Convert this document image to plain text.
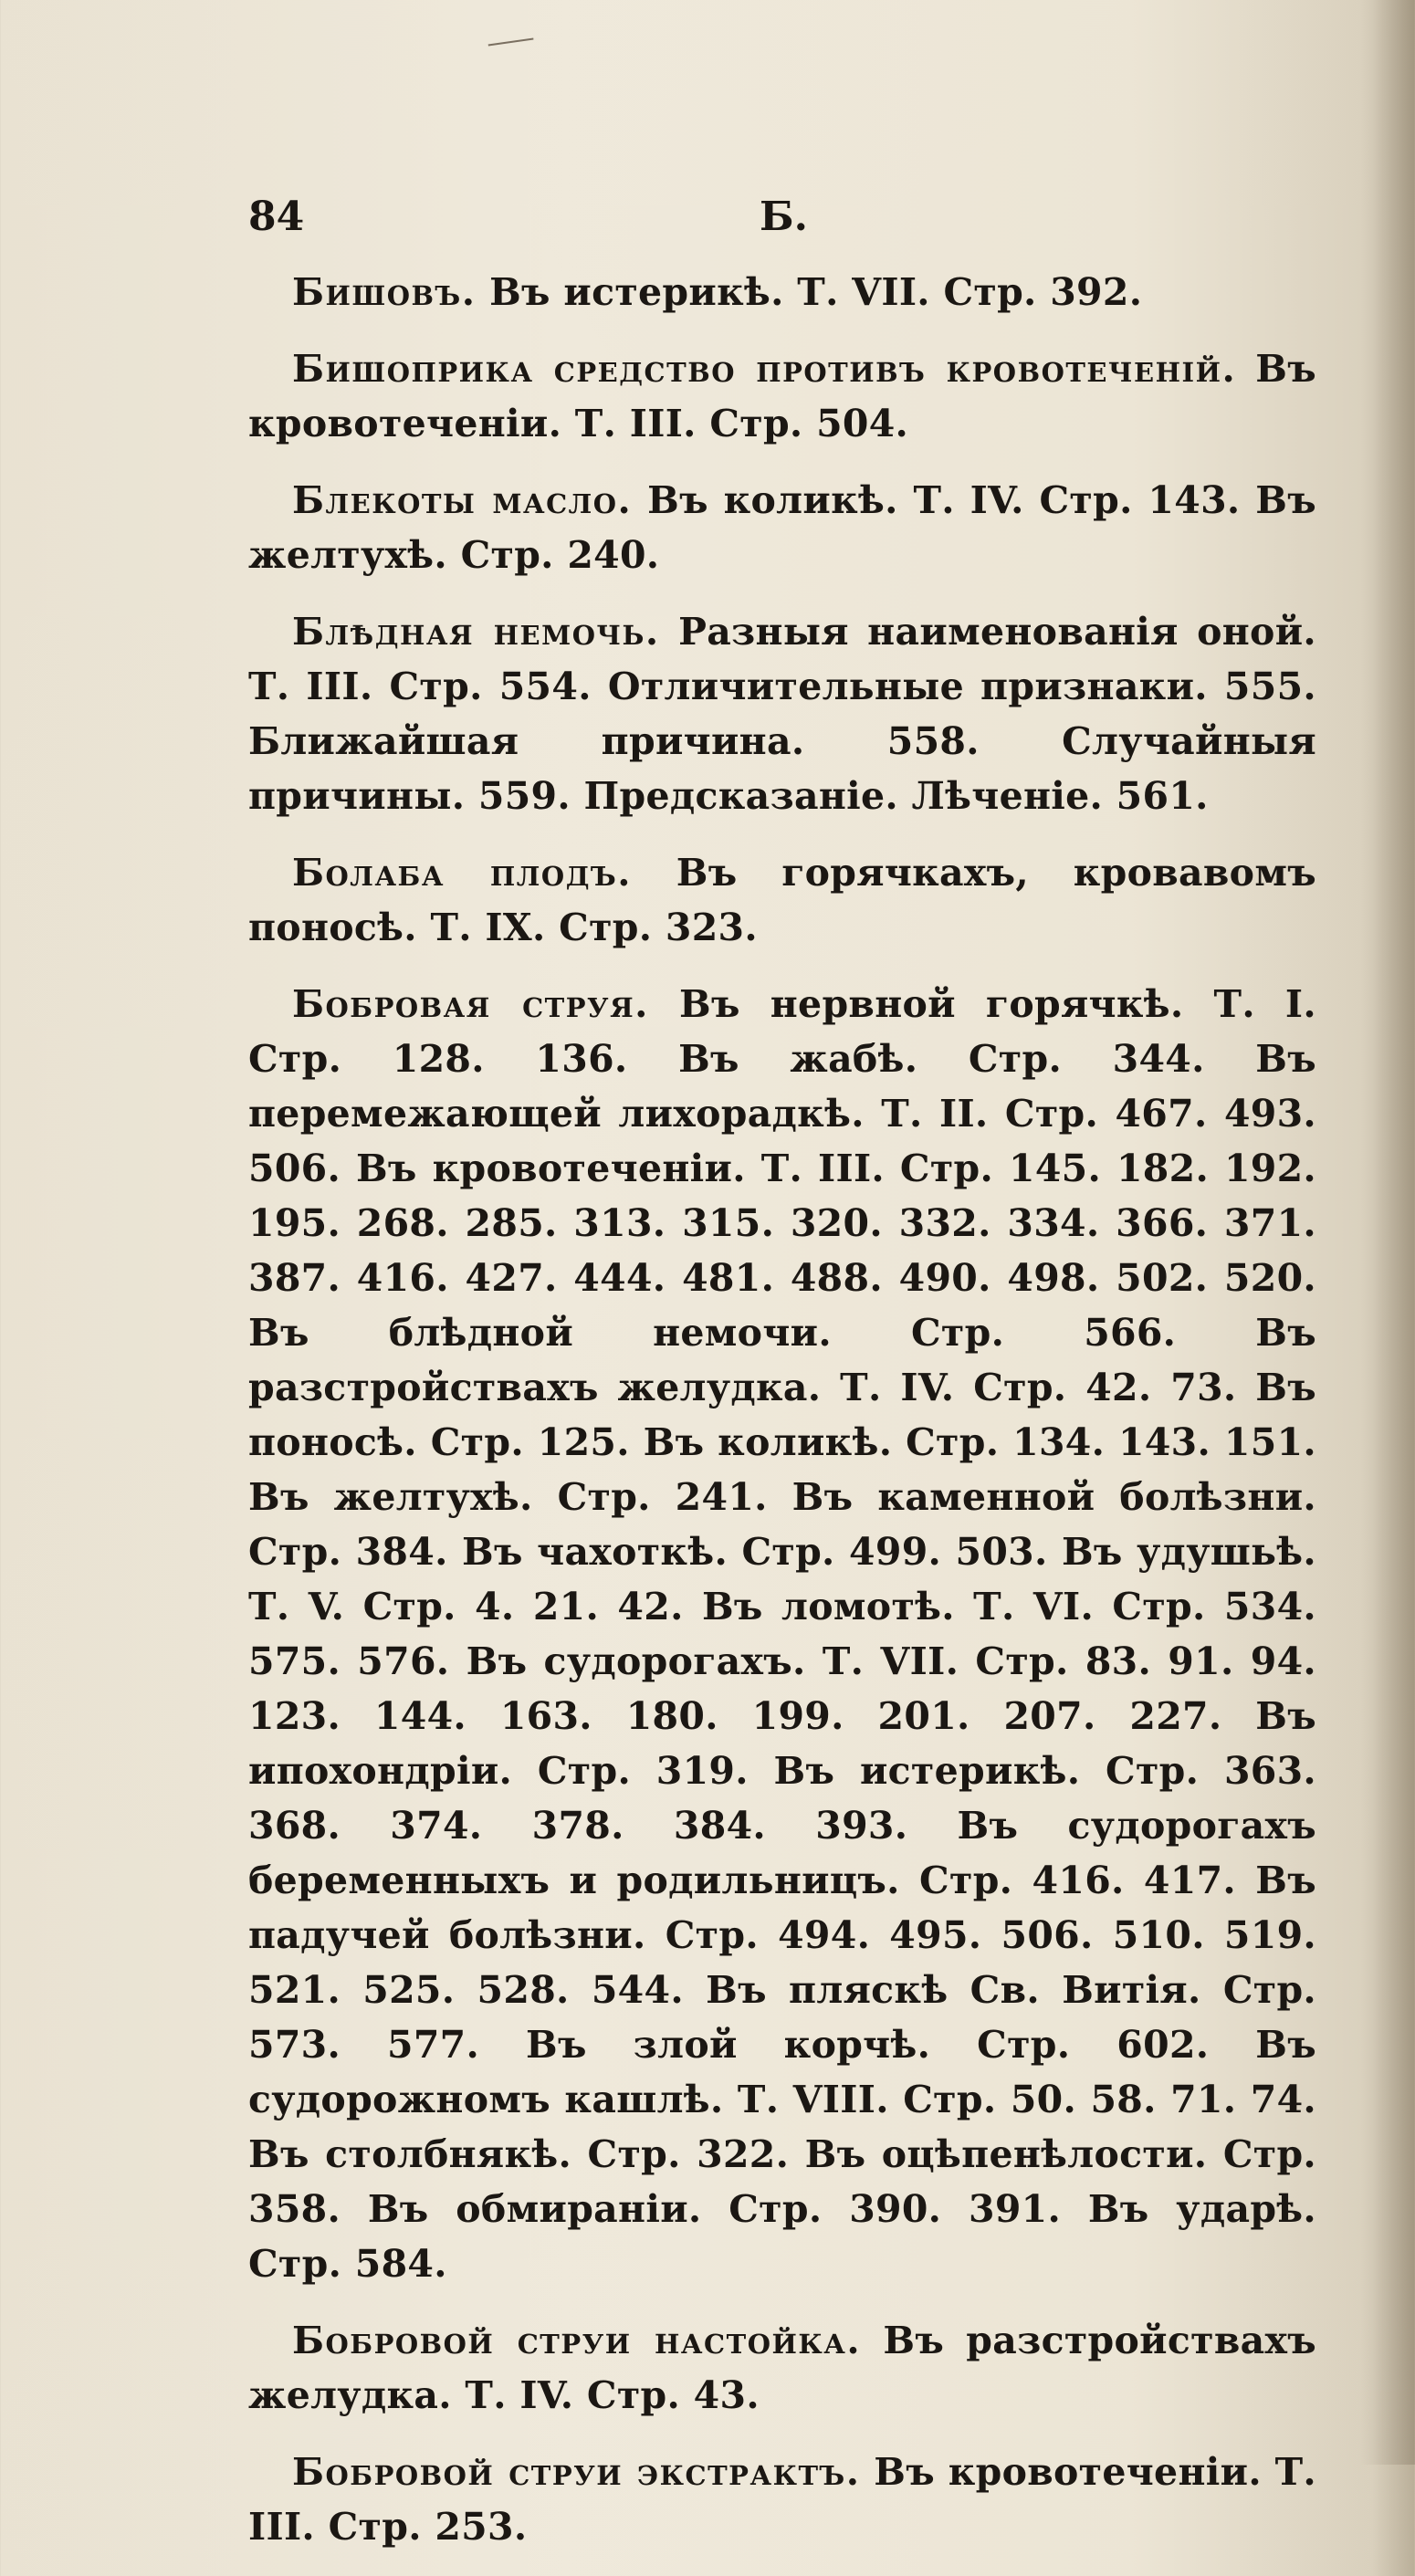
84	Б.

Бишовъ. Въ истерикѣ. Т. VII. Стр. 392.

Бишоприка средство противъ кровотеченій. Въ кровотеченіи. Т. III. Стр. 504.

Блекоты масло. Въ коликѣ. Т. IV. Стр. 143. Въ желтухѣ. Стр. 240.

Блѣдная немочь. Разныя наименованія оной. Т. III. Стр. 554. Отличительные признаки. 555. Ближайшая причина. 558. Случайныя причины. 559. Предсказаніе. Лѣченіе. 561.

Болаба плодъ. Въ горячкахъ, кровавомъ поносѣ. Т. IX. Стр. 323.

Бобровая струя. Въ нервной горячкѣ. Т. I. Стр. 128. 136. Въ жабѣ. Стр. 344. Въ перемежающей лихорадкѣ. Т. II. Стр. 467. 493. 506. Въ кровотеченіи. Т. III. Стр. 145. 182. 192. 195. 268. 285. 313. 315. 320. 332. 334. 366. 371. 387. 416. 427. 444. 481. 488. 490. 498. 502. 520. Въ блѣдной немочи. Стр. 566. Въ разстройствахъ желудка. Т. IV. Стр. 42. 73. Въ поносѣ. Стр. 125. Въ коликѣ. Стр. 134. 143. 151. Въ желтухѣ. Стр. 241. Въ каменной болѣзни. Стр. 384. Въ чахоткѣ. Стр. 499. 503. Въ удушьѣ. Т. V. Стр. 4. 21. 42. Въ ломотѣ. Т. VI. Стр. 534. 575. 576. Въ судорогахъ. Т. VII. Стр. 83. 91. 94. 123. 144. 163. 180. 199. 201. 207. 227. Въ ипохондріи. Стр. 319. Въ истерикѣ. Стр. 363. 368. 374. 378. 384. 393. Въ судорогахъ беременныхъ и родильницъ. Стр. 416. 417. Въ падучей болѣзни. Стр. 494. 495. 506. 510. 519. 521. 525. 528. 544. Въ пляскѣ Св. Витія. Стр. 573. 577. Въ злой корчѣ. Стр. 602. Въ судорожномъ кашлѣ. Т. VIII. Стр. 50. 58. 71. 74. Въ столбнякѣ. Стр. 322. Въ оцѣпенѣлости. Стр. 358. Въ обмираніи. Стр. 390. 391. Въ ударѣ. Стр. 584.

Бобровой струи настойка. Въ разстройствахъ желудка. Т. IV. Стр. 43.

Бобровой струи экстрактъ. Въ кровотеченіи. Т. III. Стр. 253.
